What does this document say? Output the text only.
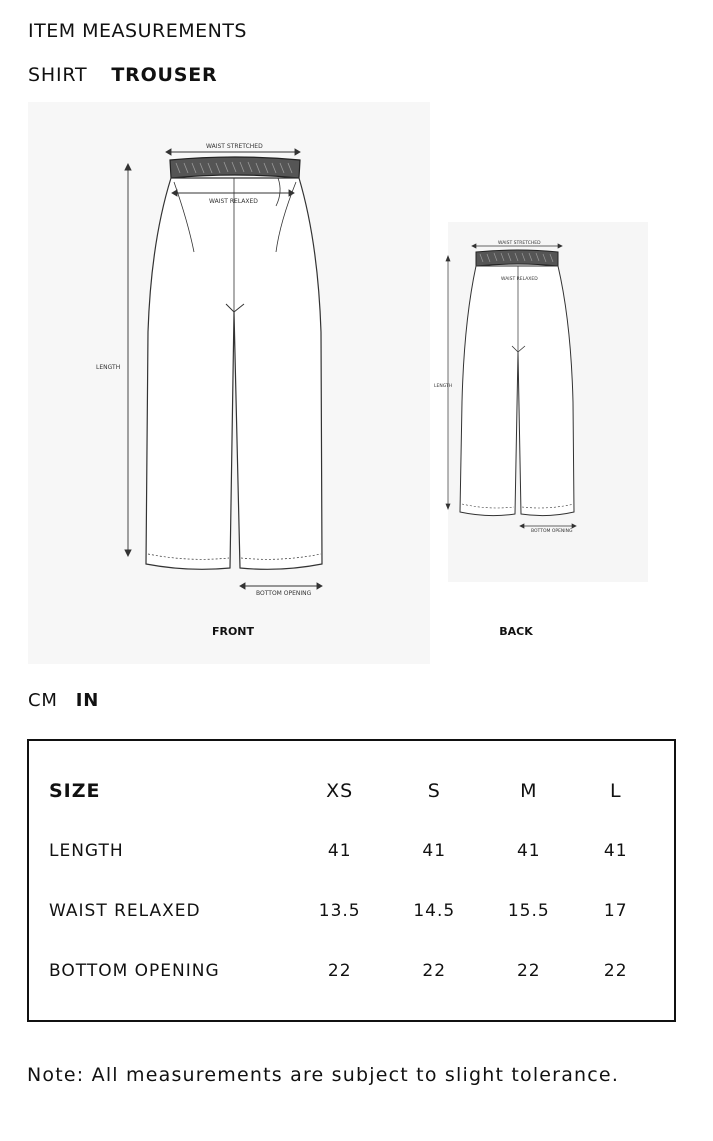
ITEM MEASUREMENTS
SHIRT TROUSER
WAIST STRETCHED
WAIST RELAXED
LENGTH
BOTTOM OPENING
FRONT
WAIST STRETCHED
WAIST RELAXED
LENGTH
BOTTOM OPENING
BACK
CM IN
SIZE	XS	S	M	L
LENGTH	41	41	41	41
WAIST RELAXED	13.5	14.5	15.5	17
BOTTOM OPENING	22	22	22	22
Note: All measurements are subject to slight tolerance.
